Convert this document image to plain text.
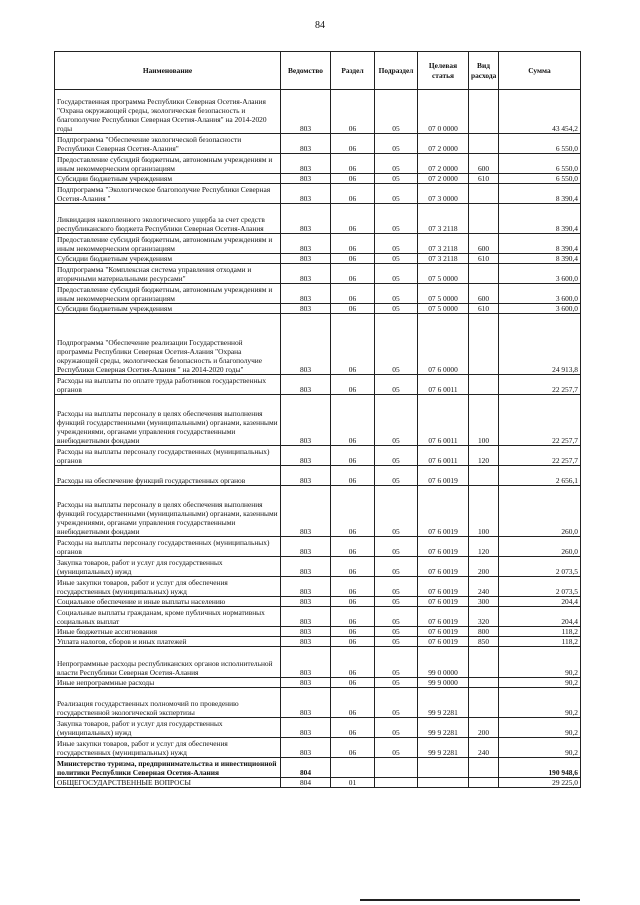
84
Наименование	Ведомство	Раздел	Подраздел	Целевая статья	Вид расхода	Сумма
Государственная программа Республики Северная Осетия-Алания "Охрана окружающей среды, экологическая безопасность и благополучие Республики Северная Осетия-Алания" на 2014-2020 годы	803	06	05	07 0 0000		43 454,2
Подпрограмма "Обеспечение экологической безопасности Республики Северная Осетия-Алания"	803	06	05	07 2 0000		6 550,0
Предоставление субсидий бюджетным, автономным учреждениям и иным некоммерческим организациям	803	06	05	07 2 0000	600	6 550,0
Субсидии бюджетным учреждениям	803	06	05	07 2 0000	610	6 550,0
Подпрограмма "Экологическое благополучие Республики Северная Осетия-Алания "	803	06	05	07 3 0000		8 390,4
Ликвидация накопленного экологического ущерба за счет средств республиканского бюджета Республики Северная Осетия-Алания	803	06	05	07 3 2118		8 390,4
Предоставление субсидий бюджетным, автономным учреждениям и иным некоммерческим организациям	803	06	05	07 3 2118	600	8 390,4
Субсидии бюджетным учреждениям	803	06	05	07 3 2118	610	8 390,4
Подпрограмма "Комплексная система управления отходами и вторичными материальными ресурсами"	803	06	05	07 5 0000		3 600,0
Предоставление субсидий бюджетным, автономным учреждениям и иным некоммерческим организациям	803	06	05	07 5 0000	600	3 600,0
Субсидии бюджетным учреждениям	803	06	05	07 5 0000	610	3 600,0
Подпрограмма "Обеспечение реализации Государственной программы Республики Северная Осетия-Алания "Охрана окружающей среды, экологическая безопасность и благополучие Республики Северная Осетия-Алания " на 2014-2020 годы"	803	06	05	07 6 0000		24 913,8
Расходы на выплаты по оплате труда работников государственных органов	803	06	05	07 6 0011		22 257,7
Расходы на выплаты персоналу в целях обеспечения выполнения функций государственными (муниципальными) органами, казенными учреждениями, органами управления государственными внебюджетными фондами	803	06	05	07 6 0011	100	22 257,7
Расходы на выплаты персоналу государственных (муниципальных) органов	803	06	05	07 6 0011	120	22 257,7
Расходы на обеспечение функций государственных органов	803	06	05	07 6 0019		2 656,1
Расходы на выплаты персоналу в целях обеспечения выполнения функций государственными (муниципальными) органами, казенными учреждениями, органами управления государственными внебюджетными фондами	803	06	05	07 6 0019	100	260,0
Расходы на выплаты персоналу государственных (муниципальных) органов	803	06	05	07 6 0019	120	260,0
Закупка товаров, работ и услуг для государственных (муниципальных) нужд	803	06	05	07 6 0019	200	2 073,5
Иные закупки товаров, работ и услуг для обеспечения государственных (муниципальных) нужд	803	06	05	07 6 0019	240	2 073,5
Социальное обеспечение и иные выплаты населению	803	06	05	07 6 0019	300	204,4
Социальные выплаты гражданам, кроме публичных нормативных социальных выплат	803	06	05	07 6 0019	320	204,4
Иные бюджетные ассигнования	803	06	05	07 6 0019	800	118,2
Уплата налогов, сборов и иных платежей	803	06	05	07 6 0019	850	118,2
Непрограммные расходы республиканских органов исполнительной власти Республики Северная Осетия-Алания	803	06	05	99 0 0000		90,2
Иные непрограммные расходы	803	06	05	99 9 0000		90,2
Реализация государственных полномочий по проведению государственной экологической экспертизы	803	06	05	99 9 2281		90,2
Закупка товаров, работ и услуг для государственных (муниципальных) нужд	803	06	05	99 9 2281	200	90,2
Иные закупки товаров, работ и услуг для обеспечения государственных (муниципальных) нужд	803	06	05	99 9 2281	240	90,2
Министерство туризма, предпринимательства и инвестиционной политики Республики Северная Осетия-Алания	804					190 948,6
ОБЩЕГОСУДАРСТВЕННЫЕ ВОПРОСЫ	804	01				29 225,0
